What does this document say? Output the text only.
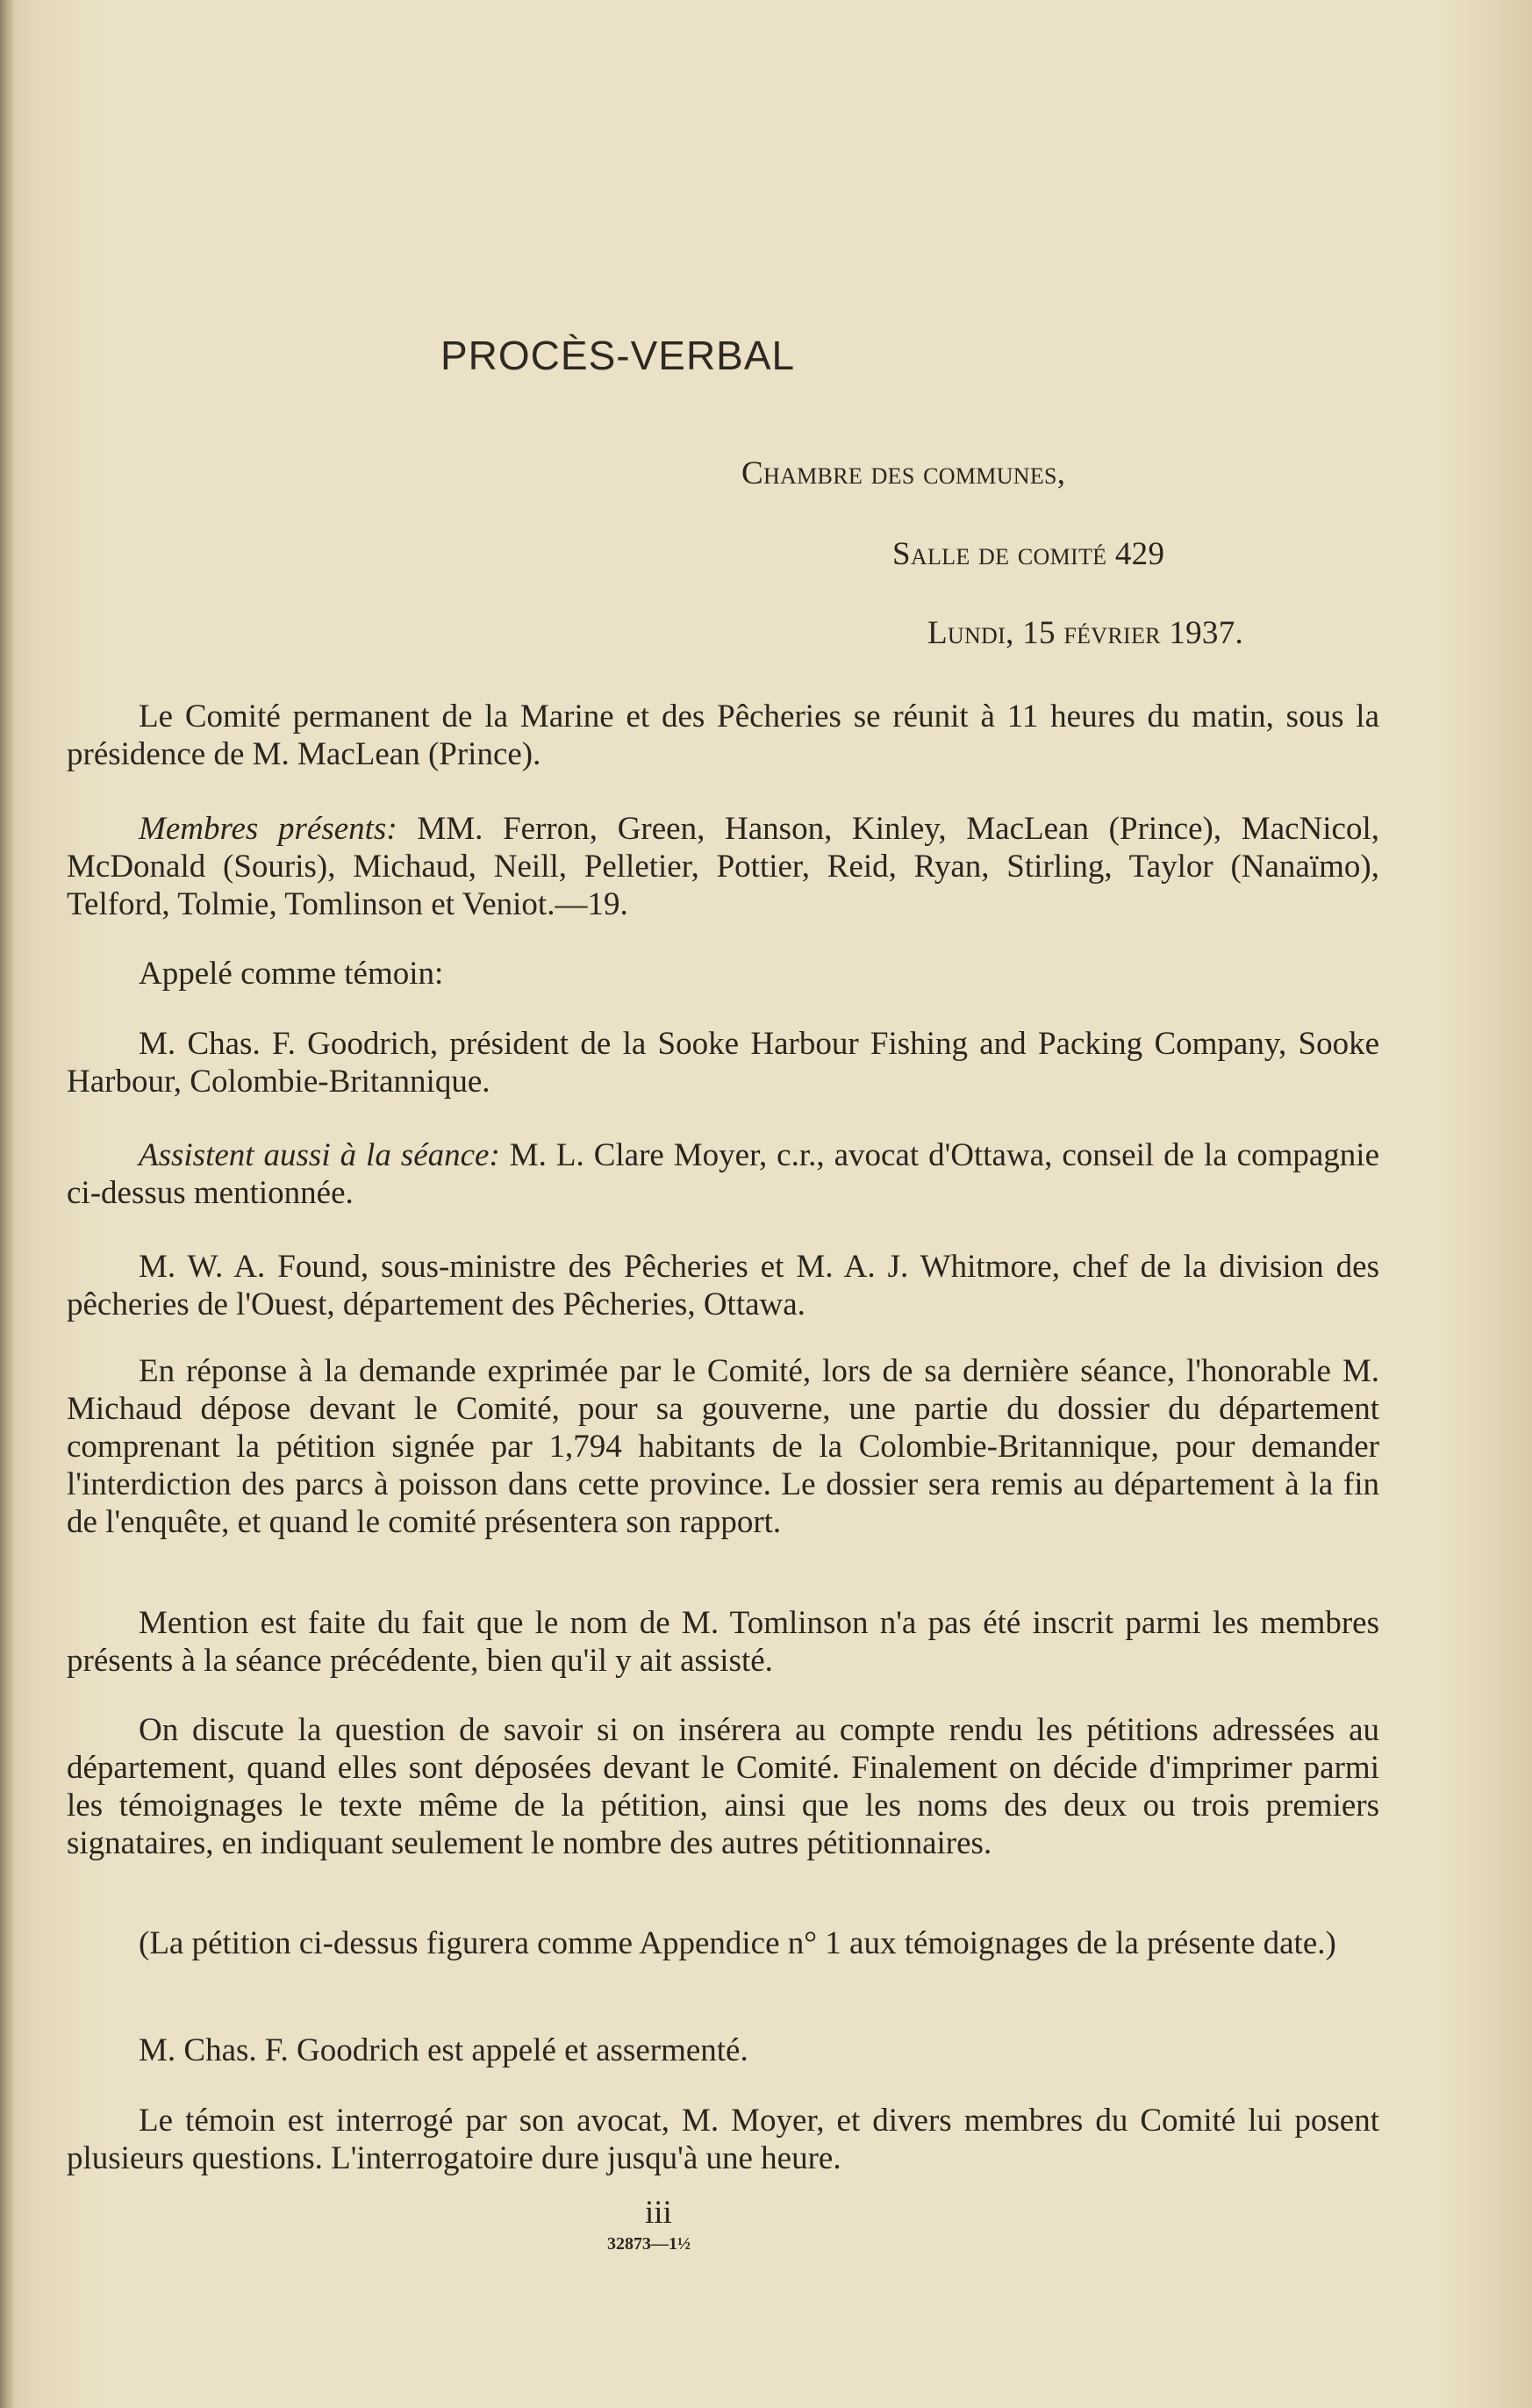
PROCÈS-VERBAL
Chambre des communes,
Salle de comité 429
Lundi, 15 février 1937.

Le Comité permanent de la Marine et des Pêcheries se réunit à 11 heures du matin, sous la présidence de M. MacLean (Prince).

Membres présents: MM. Ferron, Green, Hanson, Kinley, MacLean (Prince), MacNicol, McDonald (Souris), Michaud, Neill, Pelletier, Pottier, Reid, Ryan, Stirling, Taylor (Nanaïmo), Telford, Tolmie, Tomlinson et Veniot.—19.

Appelé comme témoin:

M. Chas. F. Goodrich, président de la Sooke Harbour Fishing and Packing Company, Sooke Harbour, Colombie-Britannique.

Assistent aussi à la séance: M. L. Clare Moyer, c.r., avocat d'Ottawa, conseil de la compagnie ci-dessus mentionnée.

M. W. A. Found, sous-ministre des Pêcheries et M. A. J. Whitmore, chef de la division des pêcheries de l'Ouest, département des Pêcheries, Ottawa.

En réponse à la demande exprimée par le Comité, lors de sa dernière séance, l'honorable M. Michaud dépose devant le Comité, pour sa gouverne, une partie du dossier du département comprenant la pétition signée par 1,794 habitants de la Colombie-Britannique, pour demander l'interdiction des parcs à poisson dans cette province. Le dossier sera remis au département à la fin de l'enquête, et quand le comité présentera son rapport.

Mention est faite du fait que le nom de M. Tomlinson n'a pas été inscrit parmi les membres présents à la séance précédente, bien qu'il y ait assisté.

On discute la question de savoir si on insérera au compte rendu les pétitions adressées au département, quand elles sont déposées devant le Comité. Finalement on décide d'imprimer parmi les témoignages le texte même de la pétition, ainsi que les noms des deux ou trois premiers signataires, en indiquant seulement le nombre des autres pétitionnaires.

(La pétition ci-dessus figurera comme Appendice n° 1 aux témoignages de la présente date.)

M. Chas. F. Goodrich est appelé et assermenté.

Le témoin est interrogé par son avocat, M. Moyer, et divers membres du Comité lui posent plusieurs questions. L'interrogatoire dure jusqu'à une heure.

iii
32873—1½
